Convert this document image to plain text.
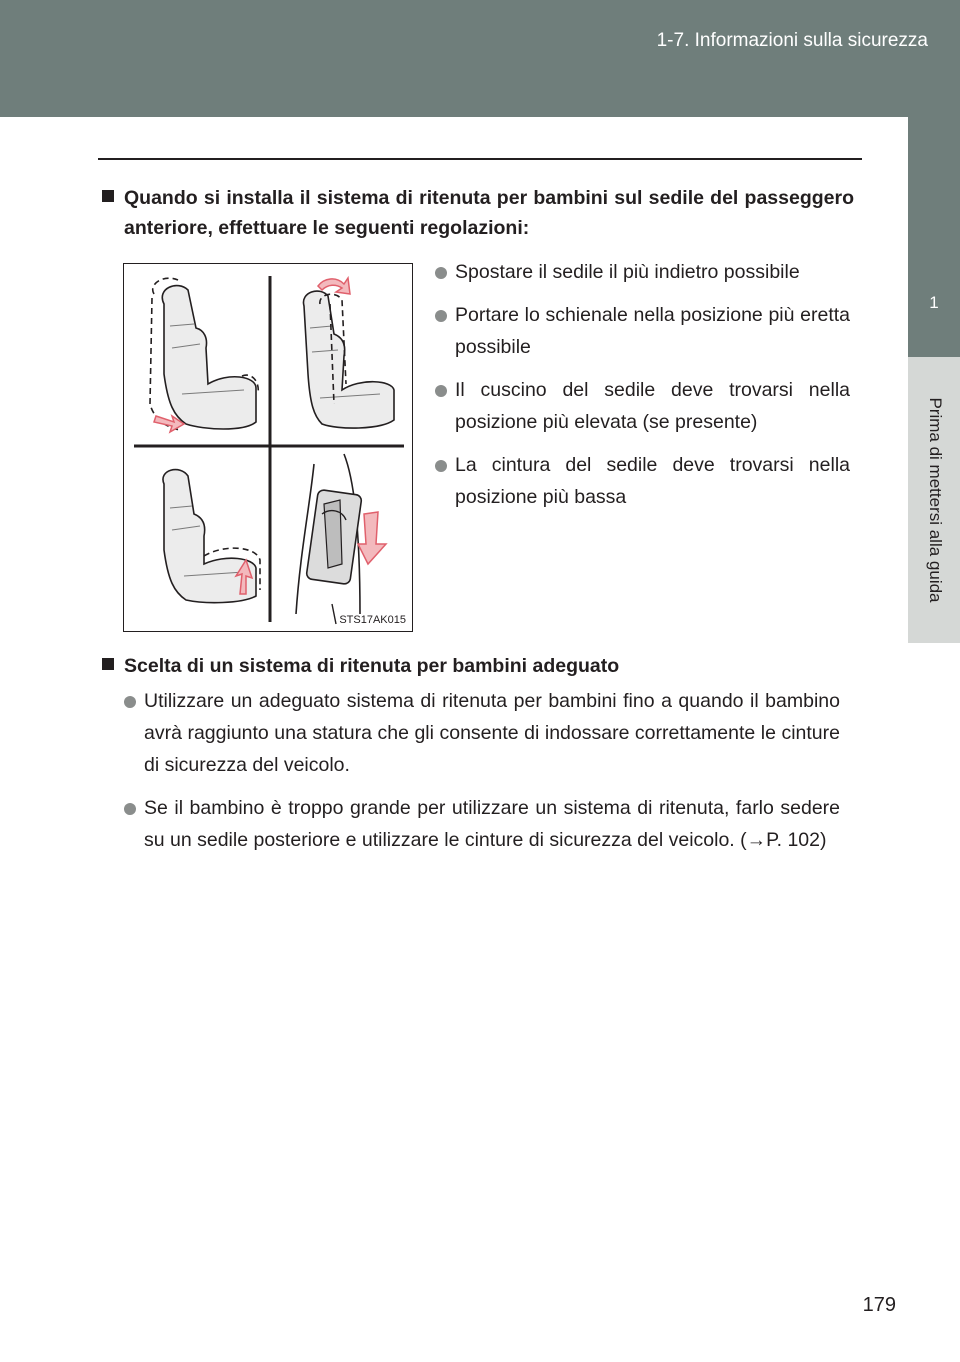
1-7. Informazioni sulla sicurezza
1
Prima di mettersi alla guida
Quando si installa il sistema di ritenuta per bambini sul sedile del passeggero anteriore, effettuare le seguenti regolazioni:
STS17AK015
Spostare il sedile il più indietro possibile
Portare lo schienale nella posizione più eretta possibile
Il cuscino del sedile deve trovarsi nella posizione più elevata (se presente)
La cintura del sedile deve trovarsi nella posizione più bassa
Scelta di un sistema di ritenuta per bambini adeguato
Utilizzare un adeguato sistema di ritenuta per bambini fino a quando il bambino avrà raggiunto una statura che gli consente di indossare correttamente le cinture di sicurezza del veicolo.
Se il bambino è troppo grande per utilizzare un sistema di ritenuta, farlo sedere su un sedile posteriore e utilizzare le cinture di sicurezza del veicolo. (→P. 102)
179
